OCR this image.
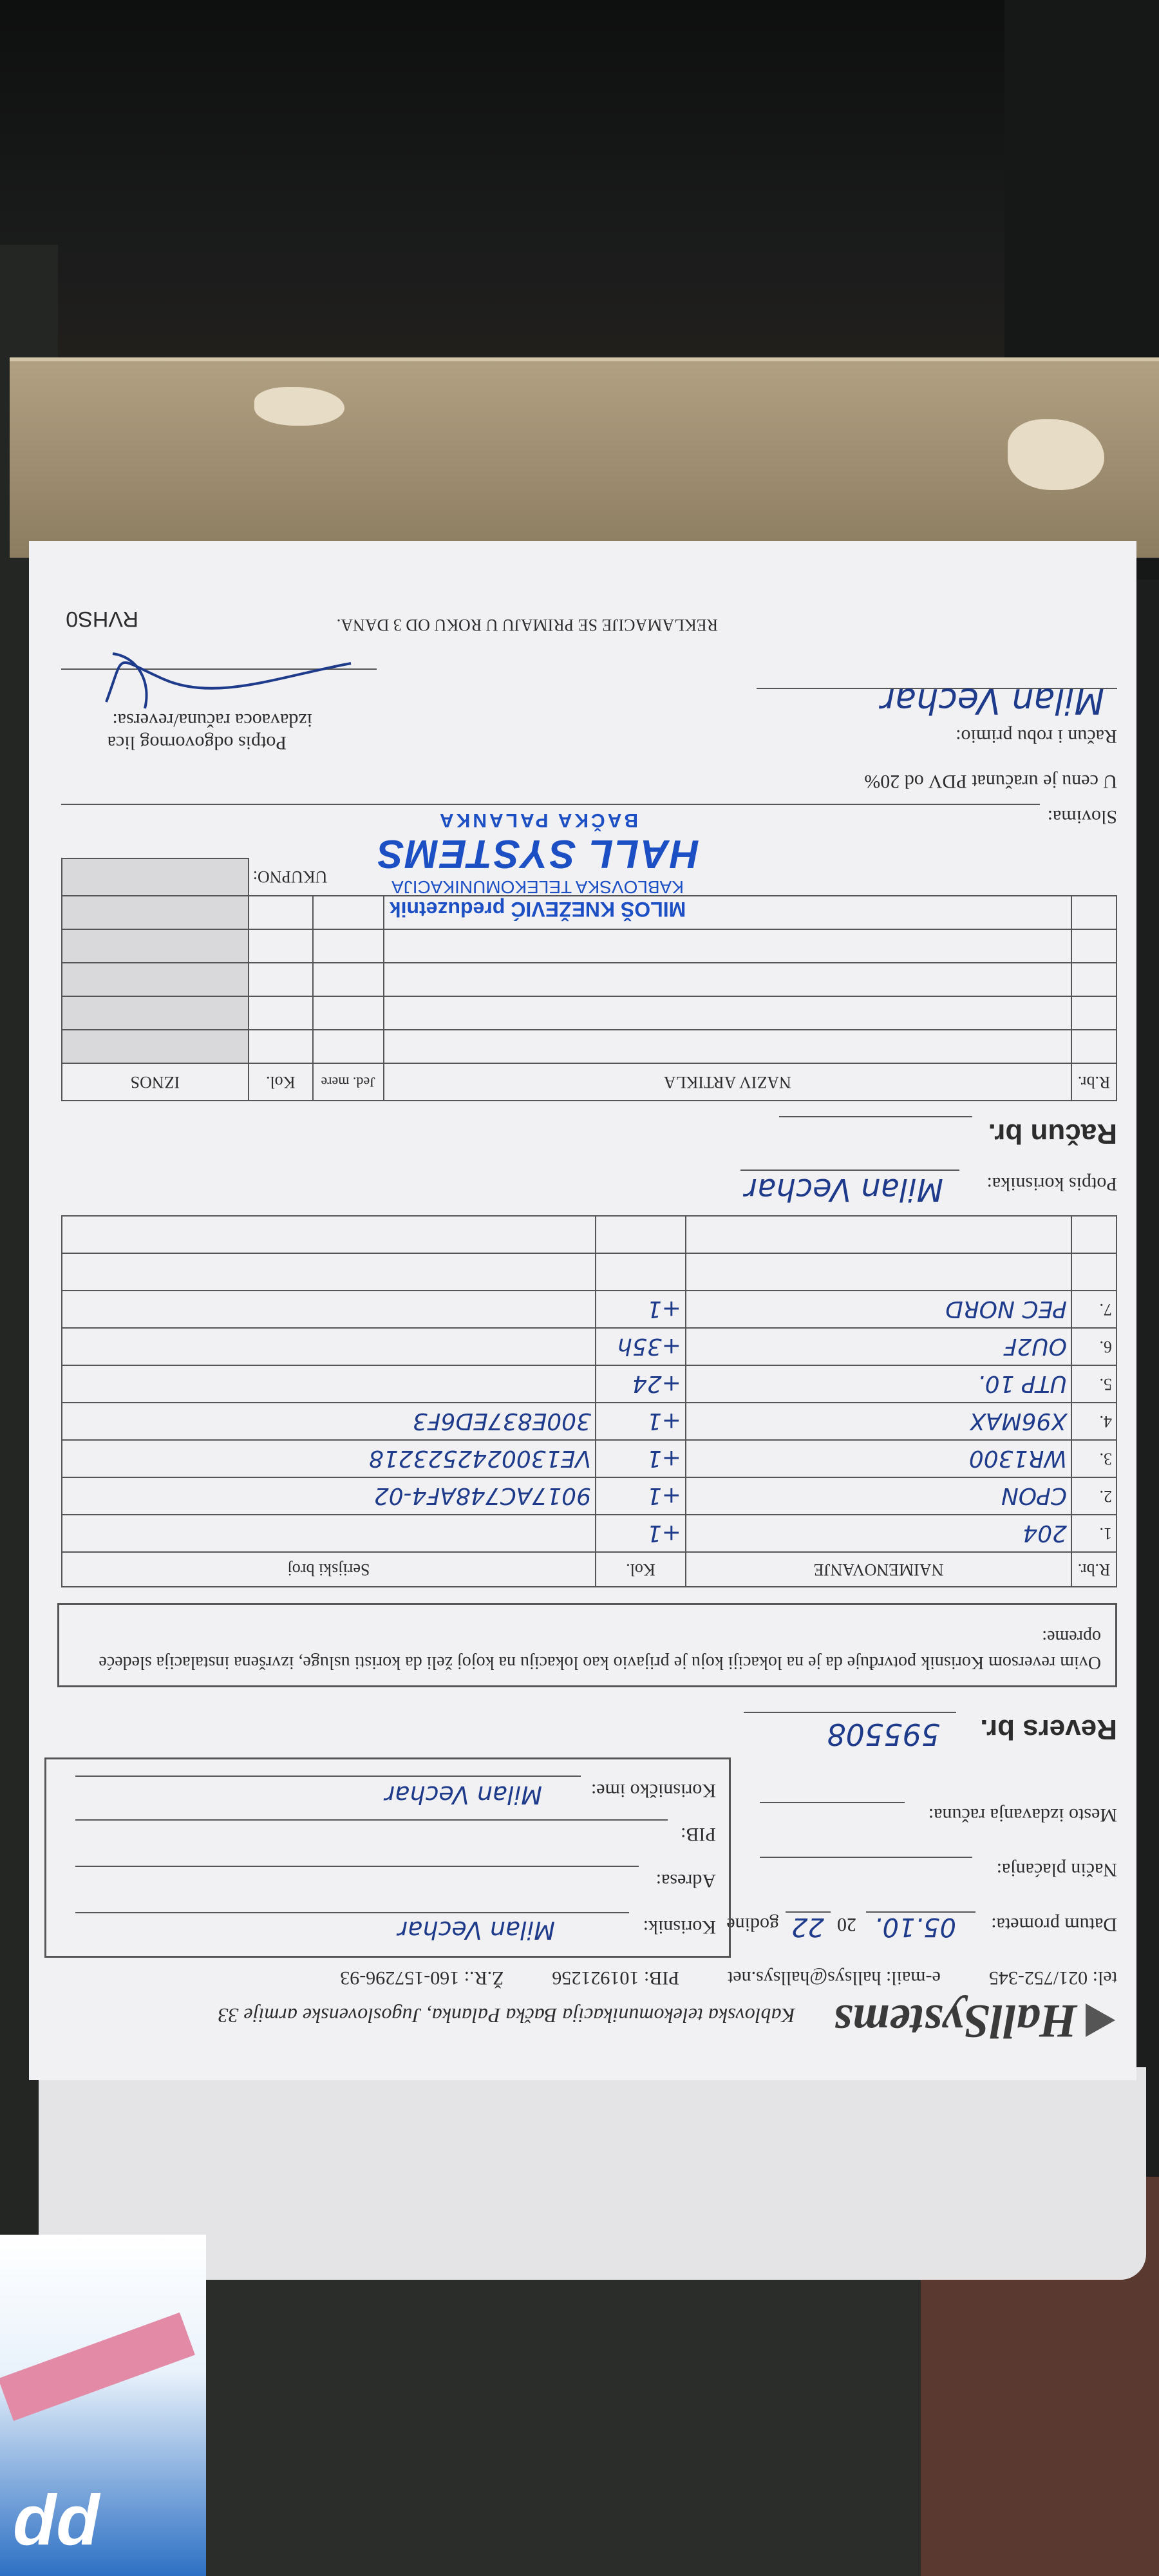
dd
HallSystems
Kablovska telekomunikacija Bačka Palanka, Jugoslovenske armije 33
tel: 021/752-345  e-mail: hallsys@hallsys.net  PIB: 101921256  Ž.R.: 160-157296-93
Datum prometa:
05.10.
20
22
godine
Način plaćanja:
Mesto izdavanja računa:
Korisnik:
Milan Vechar
Adresa:
PIB:
Korisničko ime:
Milan Vechar
Revers br.
595508
Ovim reversom Korisnik potvrđuje da je na lokaciji koju je prijavio kao lokaciju na kojoj želi da koristi usluge, izvršena instalacija sledeće opreme:
R.br.	NAIMENOVANJE	Kol.	Serijski broj
1.	204	+1	
2.	CPON	+1	9017AC748AF4-02
3.	WR1300	+1	VE1300242523218
4.	X96MAX	+1	300E837ED6F3
5.	UTP 10.	+24	
6.	OU2F	+35h	
7.	PEC NORD	+1	

Potpis korisnika:
Milan Vechar
Račun br.
R.br.	NAZIV ARTIKLA	Jed. mere	Kol.	IZNOS

UKUPNO:				
Slovima:
U cenu je uračunat PDV od 20%
Račun i robu primio:
Milan Vechar
Potpis odgovornog lica
izdavaoca računa/reversa:
MILOŠ KNEŽEVIĆ preduzetnik
KABLOVSKA TELEKOMUNIKACIJA
HALL SYSTEMS
BAČKA PALANKA
REKLAMACIJE SE PRIMAJU U ROKU OD 3 DANA.
RVHS0
